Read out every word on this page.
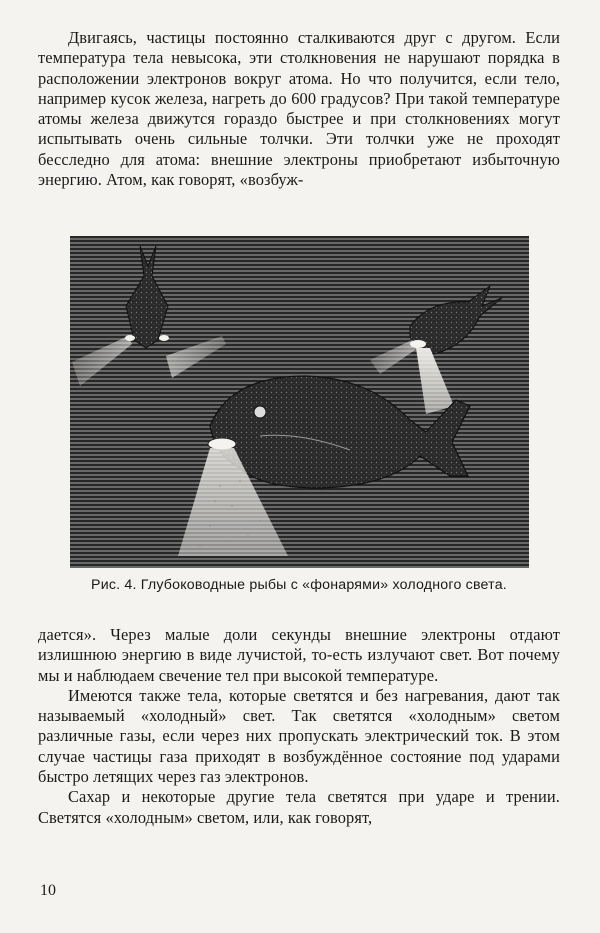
Двигаясь, частицы постоянно сталкиваются друг с другом. Если температура тела невысока, эти столкновения не нарушают порядка в расположении электронов вокруг атома. Но что получится, если тело, например кусок железа, нагреть до 600 градусов? При такой температуре атомы железа движутся гораздо быстрее и при столкновениях могут испытывать очень сильные толчки. Эти толчки уже не проходят бесследно для атома: внешние электроны приобретают избыточную энергию. Атом, как говорят, «возбуж-

Рис. 4. Глубоководные рыбы с «фонарями» холодного света.

дается». Через малые доли секунды внешние электроны отдают излишнюю энергию в виде лучистой, то-есть излучают свет. Вот почему мы и наблюдаем свечение тел при высокой температуре.

Имеются также тела, которые светятся и без нагревания, дают так называемый «холодный» свет. Так светятся «холодным» светом различные газы, если через них пропускать электрический ток. В этом случае частицы газа приходят в возбуждённое состояние под ударами быстро летящих через газ электронов.

Сахар и некоторые другие тела светятся при ударе и трении. Светятся «холодным» светом, или, как говорят,

10
